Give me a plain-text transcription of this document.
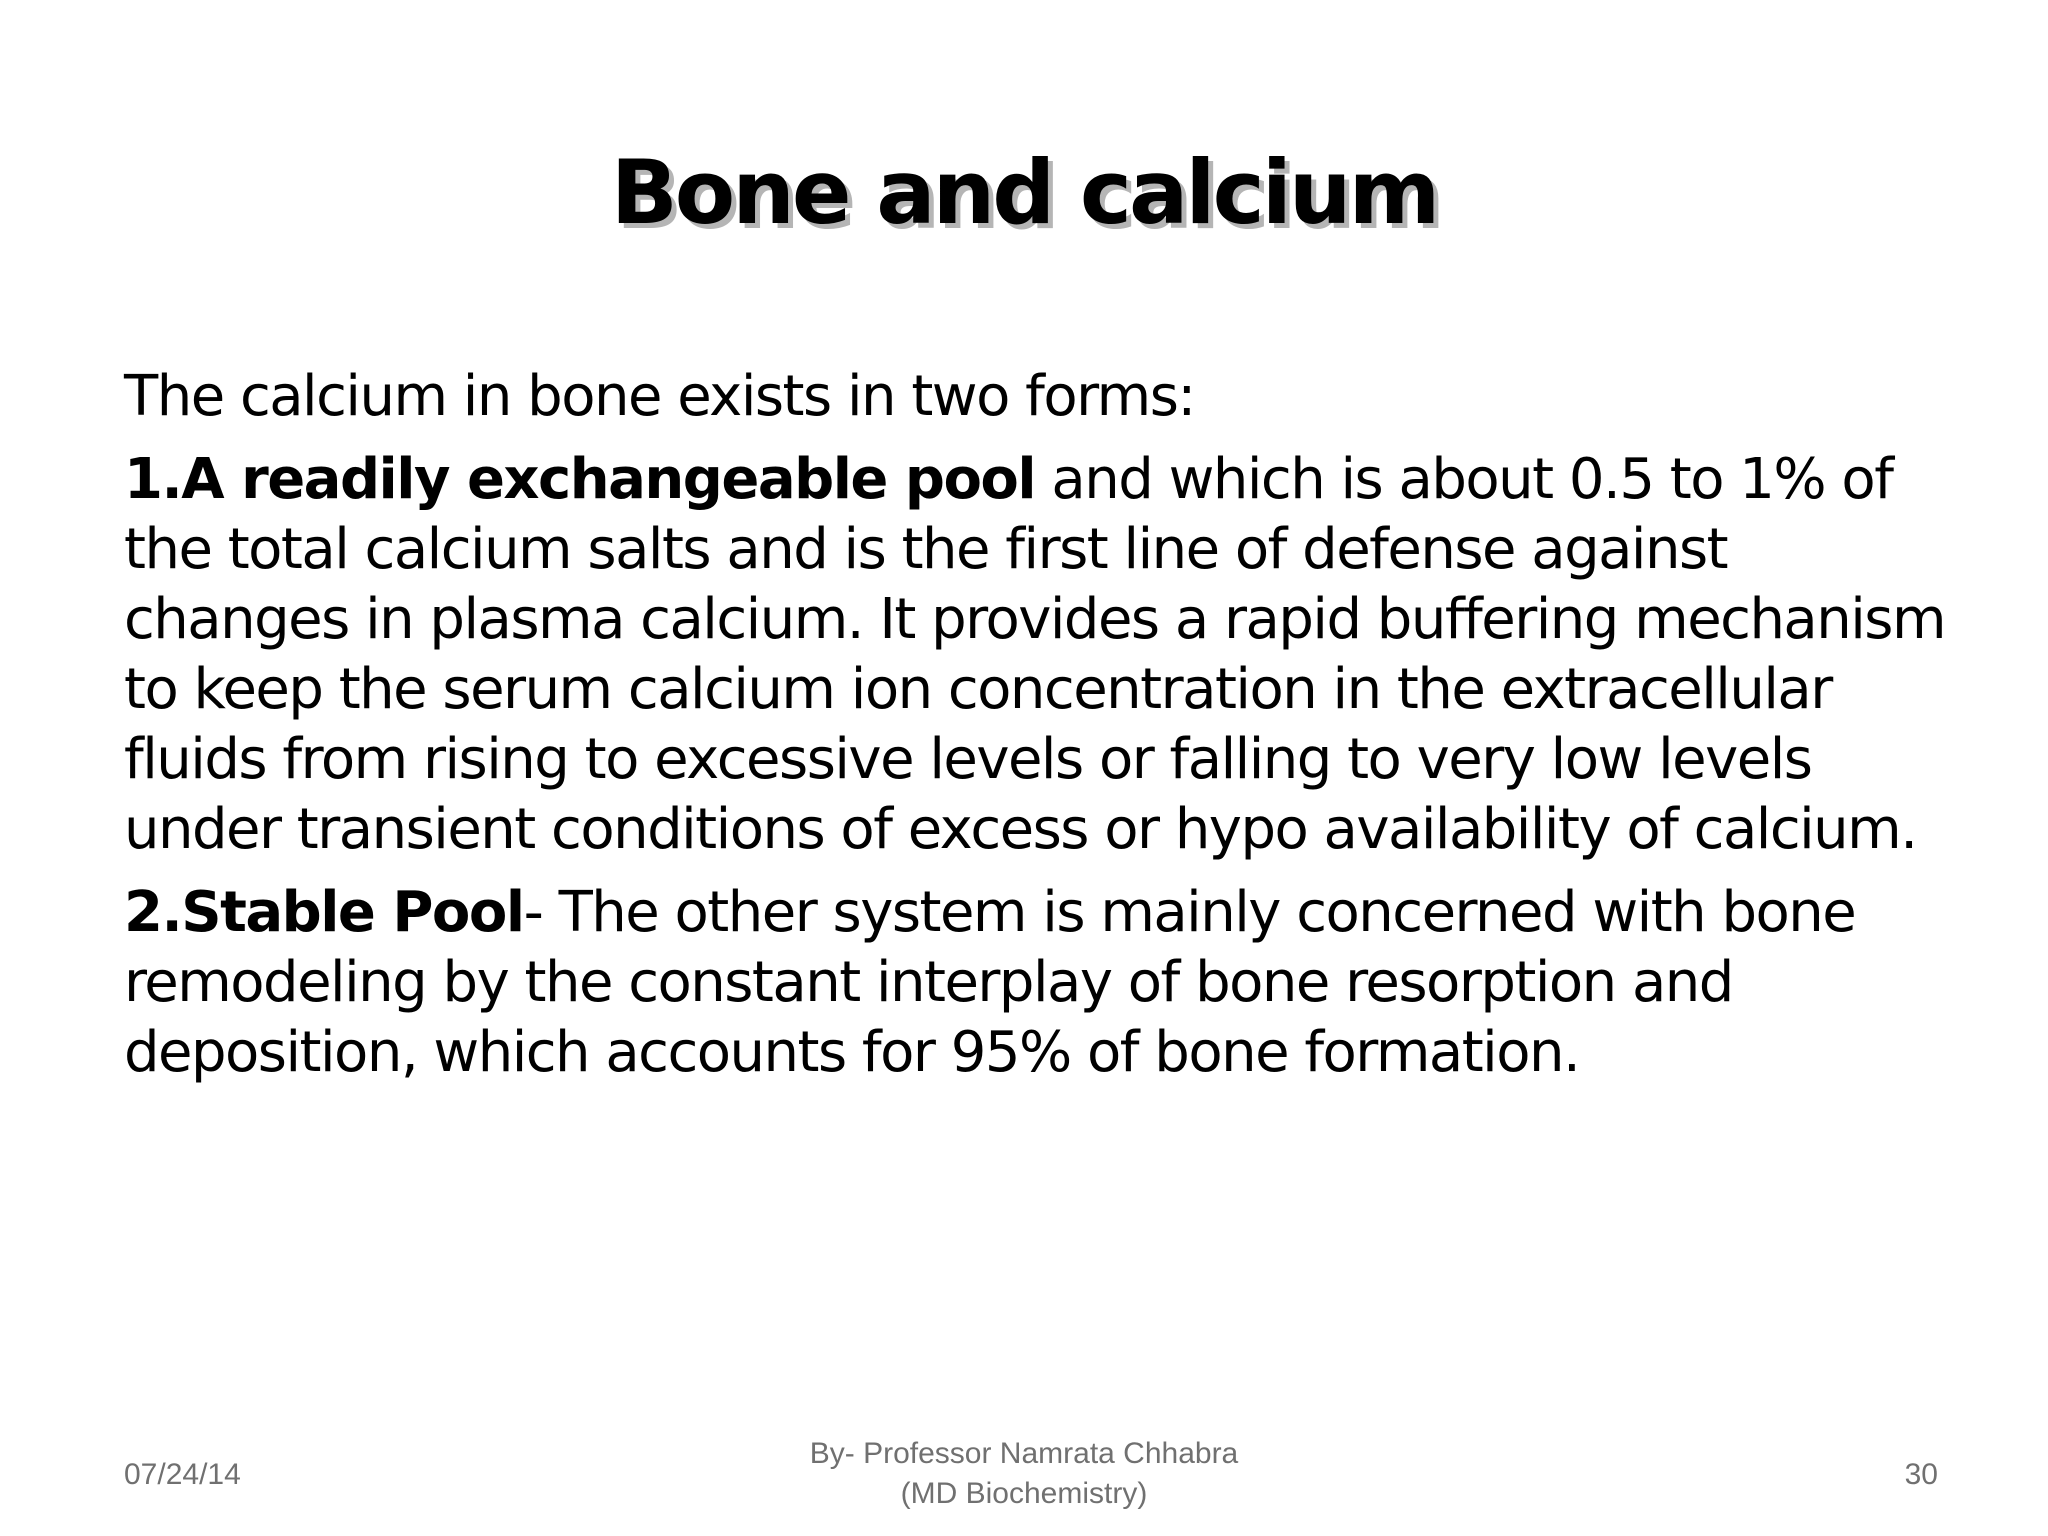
Bone and calcium

The calcium in bone exists in two forms:

1.A readily exchangeable pool and which is about 0.5 to 1% of the total calcium salts and is the first line of defense against changes in plasma calcium. It provides a rapid buffering mechanism to keep the serum calcium ion concentration in the extracellular fluids from rising to excessive levels or falling to very low levels under transient conditions of excess or hypo availability of calcium.

2.Stable Pool- The other system is mainly concerned with bone remodeling by the constant interplay of bone resorption and deposition, which accounts for 95% of bone formation.

07/24/14
By- Professor Namrata Chhabra
(MD Biochemistry)
30
